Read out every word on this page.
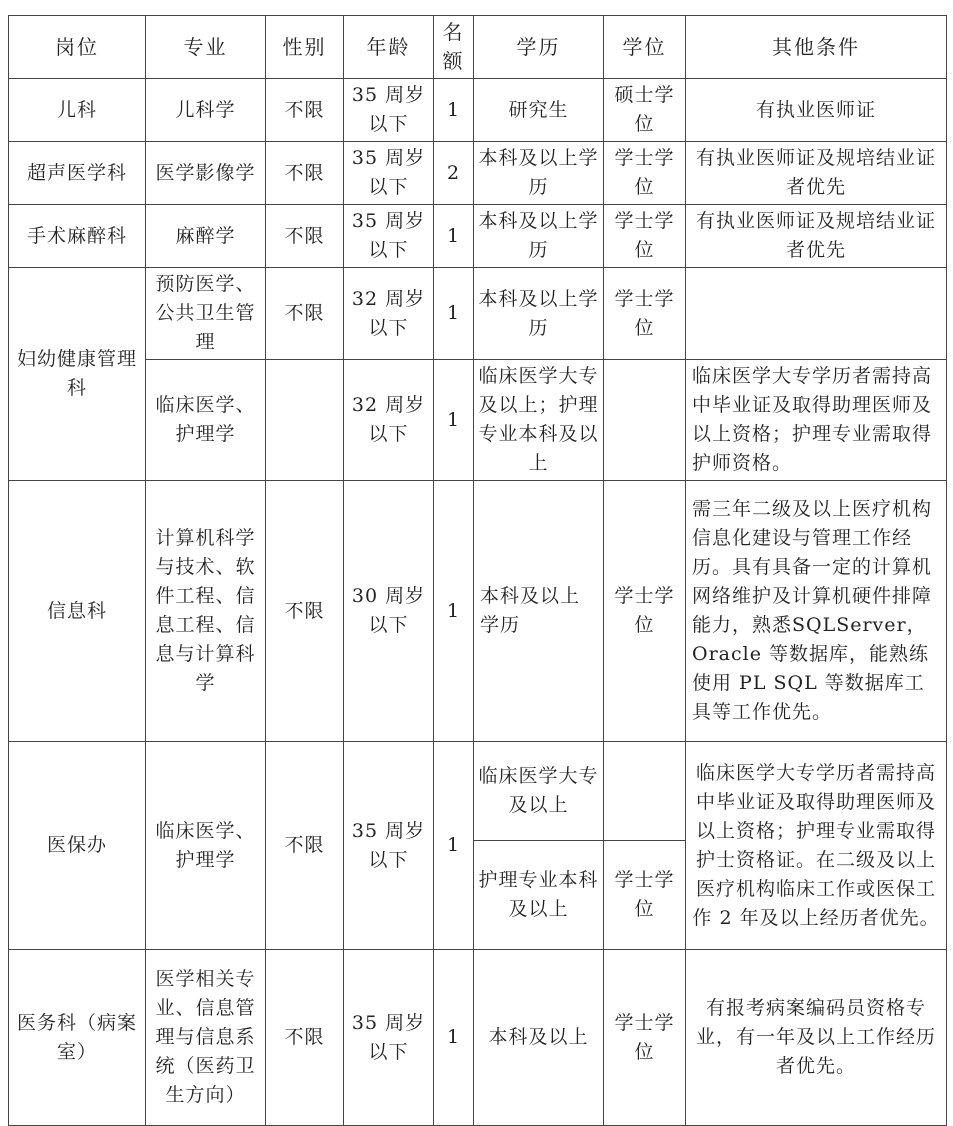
岗位	专业	性别	年龄	名额	学历	学位	其他条件
儿科	儿科学	不限	35 周岁以下	1	研究生	硕士学位	有执业医师证
超声医学科	医学影像学	不限	35 周岁以下	2	本科及以上学历	学士学位	有执业医师证及规培结业证者优先
手术麻醉科	麻醉学	不限	35 周岁以下	1	本科及以上学历	学士学位	有执业医师证及规培结业证者优先
妇幼健康管理科	预防医学、公共卫生管理	不限	32 周岁以下	1	本科及以上学历	学士学位	
	临床医学、护理学		32 周岁以下	1	临床医学大专及以上；护理专业本科及以上		临床医学大专学历者需持高中毕业证及取得助理医师及以上资格；护理专业需取得护师资格。
信息科	计算机科学与技术、软件工程、信息工程、信息与计算科学	不限	30 周岁以下	1	本科及以上学历	学士学位	需三年二级及以上医疗机构信息化建设与管理工作经历。具有具备一定的计算机网络维护及计算机硬件排障能力，熟悉SQLServer，Oracle 等数据库，能熟练使用 PL SQL 等数据库工具等工作优先。
医保办	临床医学、护理学	不限	35 周岁以下	1	临床医学大专及以上		临床医学大专学历者需持高中毕业证及取得助理医师及以上资格；护理专业需取得护士资格证。在二级及以上医疗机构临床工作或医保工作 2 年及以上经历者优先。
					护理专业本科及以上	学士学位	
医务科（病案室）	医学相关专业、信息管理与信息系统（医药卫生方向）	不限	35 周岁以下	1	本科及以上	学士学位	有报考病案编码员资格专业，有一年及以上工作经历者优先。
